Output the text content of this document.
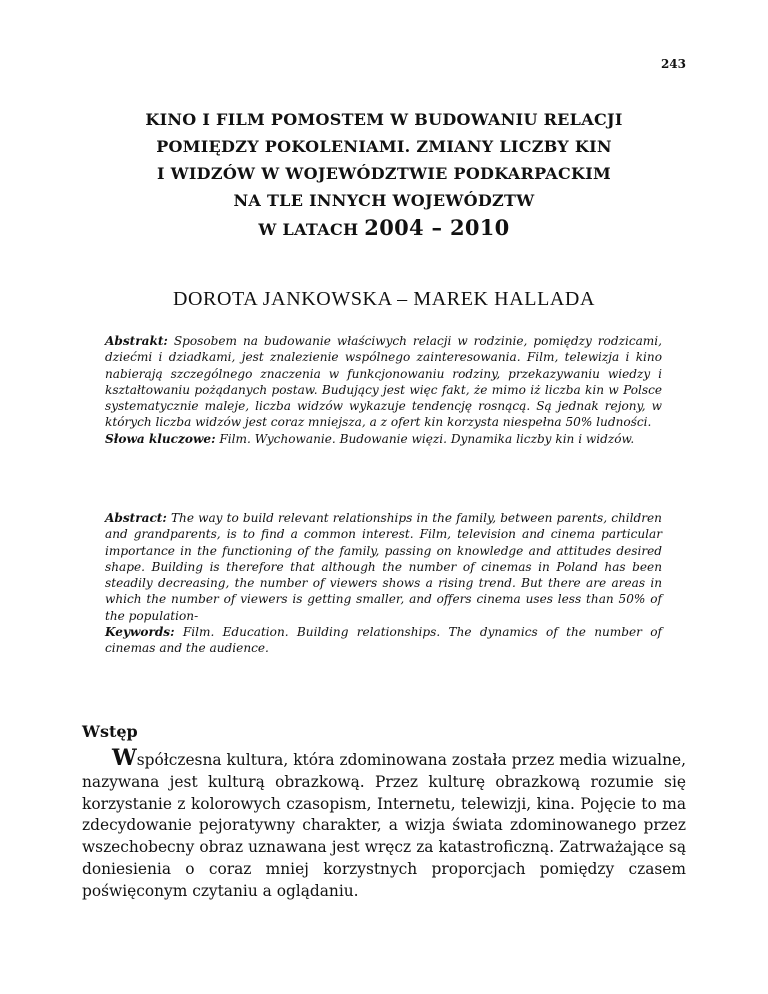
243
KINO I FILM POMOSTEM W BUDOWANIU RELACJI
POMIĘDZY POKOLENIAMI. ZMIANY LICZBY KIN
I WIDZÓW W WOJEWÓDZTWIE PODKARPACKIM
NA TLE INNYCH WOJEWÓDZTW
W LATACH 2004 – 2010
DOROTA JANKOWSKA – MAREK HALLADA
Abstrakt: Sposobem na budowanie właściwych relacji w rodzinie, pomiędzy rodzicami, dziećmi i dziadkami, jest znalezienie wspólnego zainteresowania. Film, telewizja i kino nabierają szczególnego znaczenia w funkcjonowaniu rodziny, przekazywaniu wiedzy i kształtowaniu pożądanych postaw. Budujący jest więc fakt, że mimo iż liczba kin w Polsce systematycznie maleje, liczba widzów wykazuje tendencję rosnącą. Są jednak rejony, w których liczba widzów jest coraz mniejsza, a z ofert kin korzysta niespełna 50% ludności.
Słowa kluczowe: Film. Wychowanie. Budowanie więzi. Dynamika liczby kin i widzów.
Abstract: The way to build relevant relationships in the family, between parents, children and grandparents, is to find a common interest. Film, television and cinema particular importance in the functioning of the family, passing on knowledge and attitudes desired shape. Building is therefore that although the number of cinemas in Poland has been steadily decreasing, the number of viewers shows a rising trend. But there are areas in which the number of viewers is getting smaller, and offers cinema uses less than 50% of the population-
Keywords: Film. Education. Building relationships. The dynamics of the number of cinemas and the audience.
Wstęp
Współczesna kultura, która zdominowana została przez media wizualne, nazywana jest kulturą obrazkową. Przez kulturę obrazkową rozumie się korzystanie z kolorowych czasopism, Internetu, telewizji, kina. Pojęcie to ma zdecydowanie pejoratywny charakter, a wizja świata zdominowanego przez wszechobecny obraz uznawana jest wręcz za katastroficzną. Zatrważające są doniesienia o coraz mniej korzystnych proporcjach pomiędzy czasem poświęconym czytaniu a oglądaniu.
